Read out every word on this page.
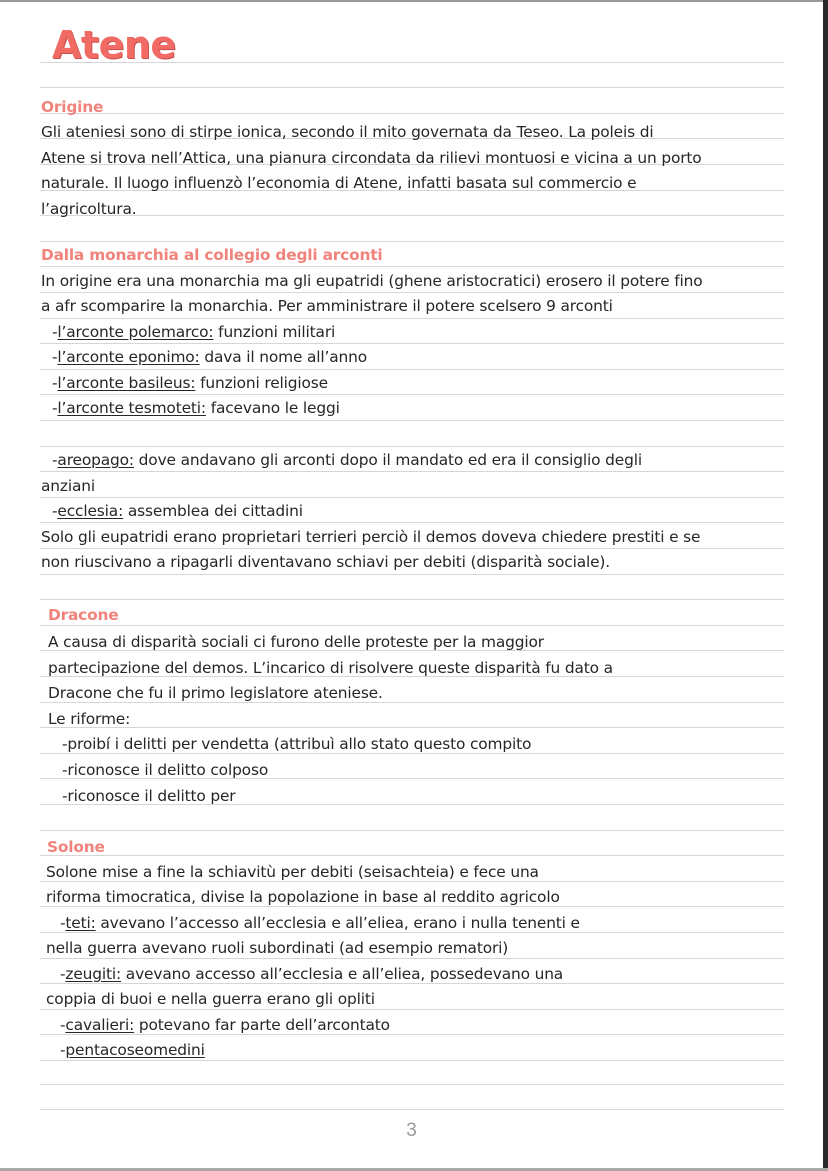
Atene
Origine
Gli ateniesi sono di stirpe ionica, secondo il mito governata da Teseo. La poleis di
Atene si trova nell’Attica, una pianura circondata da rilievi montuosi e vicina a un porto
naturale. Il luogo influenzò l’economia di Atene, infatti basata sul commercio e
l’agricoltura.
Dalla monarchia al collegio degli arconti
In origine era una monarchia ma gli eupatridi (ghene aristocratici) erosero il potere fino
a afr scomparire la monarchia. Per amministrare il potere scelsero 9 arconti
-l’arconte polemarco: funzioni militari
-l’arconte eponimo: dava il nome all’anno
-l’arconte basileus: funzioni religiose
-l’arconte tesmoteti: facevano le leggi
-areopago: dove andavano gli arconti dopo il mandato ed era il consiglio degli
anziani
-ecclesia: assemblea dei cittadini
Solo gli eupatridi erano proprietari terrieri perciò il demos doveva chiedere prestiti e se
non riuscivano a ripagarli diventavano schiavi per debiti (disparità sociale).
Dracone
A causa di disparità sociali ci furono delle proteste per la maggior
partecipazione del demos. L’incarico di risolvere queste disparità fu dato a
Dracone che fu il primo legislatore ateniese.
Le riforme:
-proibí i delitti per vendetta (attribuì allo stato questo compito
-riconosce il delitto colposo
-riconosce il delitto per
Solone
Solone mise a fine la schiavitù per debiti (seisachteia) e fece una
riforma timocratica, divise la popolazione in base al reddito agricolo
-teti: avevano l’accesso all’ecclesia e all’eliea, erano i nulla tenenti e
nella guerra avevano ruoli subordinati (ad esempio rematori)
-zeugiti: avevano accesso all’ecclesia e all’eliea, possedevano una
coppia di buoi e nella guerra erano gli opliti
-cavalieri: potevano far parte dell’arcontato
-pentacoseomedini
3
